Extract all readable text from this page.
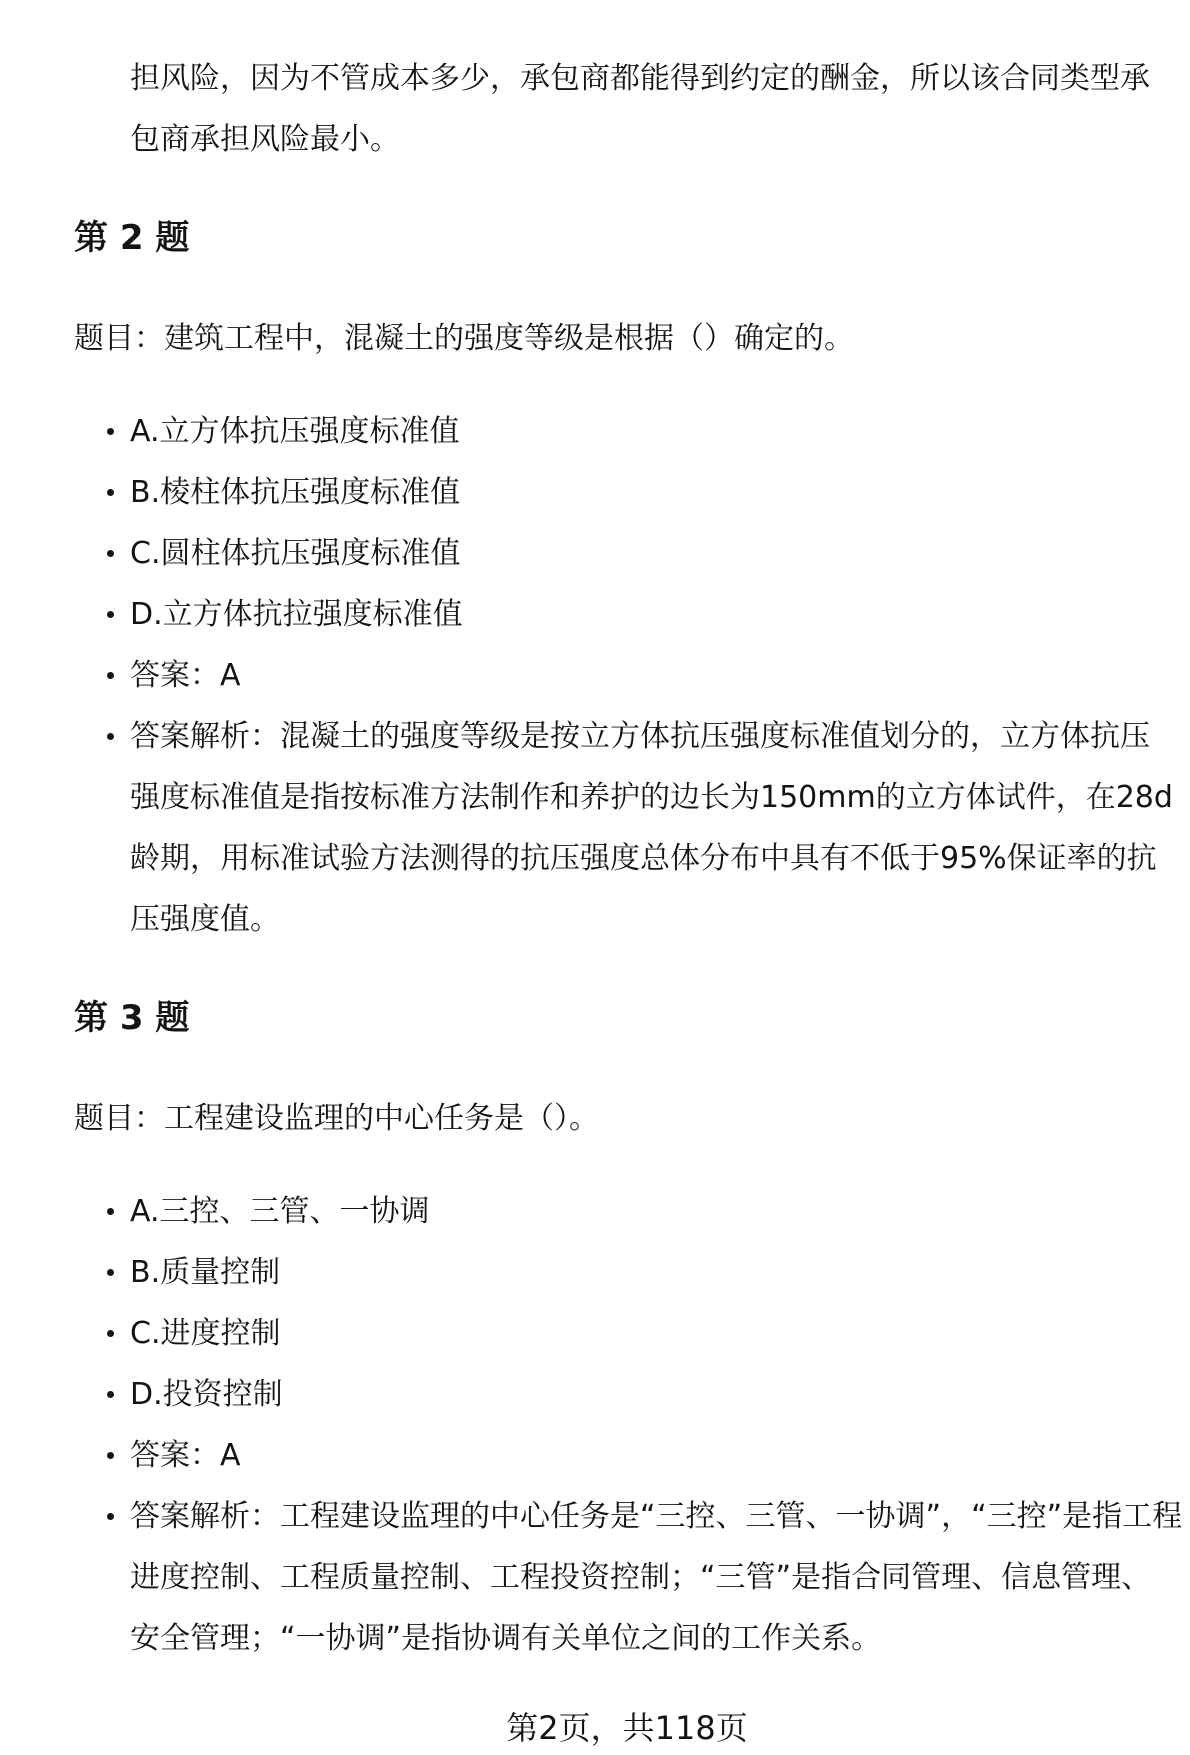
担风险，因为不管成本多少，承包商都能得到约定的酬金，所以该合同类型承
包商承担风险最小。
第 2 题
题目：建筑工程中，混凝土的强度等级是根据（）确定的。
A.立方体抗压强度标准值
B.棱柱体抗压强度标准值
C.圆柱体抗压强度标准值
D.立方体抗拉强度标准值
答案：A
答案解析：混凝土的强度等级是按立方体抗压强度标准值划分的，立方体抗压
强度标准值是指按标准方法制作和养护的边长为150mm的立方体试件，在28d
龄期，用标准试验方法测得的抗压强度总体分布中具有不低于95%保证率的抗
压强度值。
第 3 题
题目：工程建设监理的中心任务是（）。
A.三控、三管、一协调
B.质量控制
C.进度控制
D.投资控制
答案：A
答案解析：工程建设监理的中心任务是“三控、三管、一协调”，“三控”是指工程
进度控制、工程质量控制、工程投资控制；“三管”是指合同管理、信息管理、
安全管理；“一协调”是指协调有关单位之间的工作关系。
第2页，共118页
